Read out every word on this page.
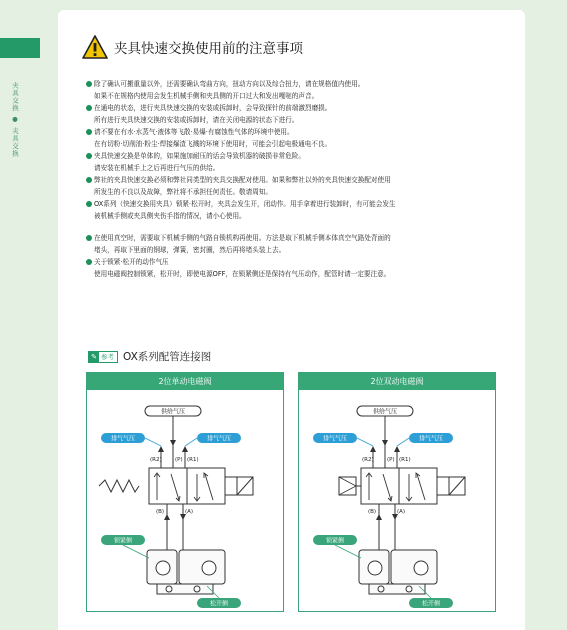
夹具交换 ● 夹具交换
夹具快速交换使用前的注意事项
除了确认可搬重量以外，还需要确认弯曲方向，扭动方向以及综合扭力，请在规格值内使用。
如果不在规格内使用会发生机械手侧和夹具侧的开口过大和发出嘎哒的声音。
在通电的状态，进行夹具快速交换的安装或拆卸时，会导致探针的前端激烈磨损。
所有进行夹具快速交换的安装或拆卸时，请在关闭电源的状态下进行。
请不要在有水·水蒸气·液体等飞散·易爆·有腐蚀性气体的环境中使用。
在有切粉·切削油·粉尘·焊接爆渣飞溅的环境下使用时，可能会引起电极通电不良。
夹具快速交换是单体的，如果施加耐压的话会导致机器的破损非常危险。
请安装在机械手上之后再进行气压的供给。
弊社的夹具快速交换必须和弊社同类型的夹具交换配对使用。如果和弊社以外的夹具快速交换配对使用
所发生的不良以及故障，弊社将不承担任何责任。敬请周知。
OX系列（快速交换用夹具）锁紧·松开时，夹具会发生开，闭动作。用手拿着进行装卸时，有可能会发生
被机械手侧或夹具侧夹伤手指的情况，请小心使用。
在使用真空时，需要取下机械手侧的气路自锁机构再使用。方法是取下机械手侧本体真空气路处背面的
堵头，再取下里面的钢球，弹簧，密封圈，然后再将堵头装上去。
关于锁紧·松开的动作气压
使用电磁阀控制锁紧，松开时，即使电源OFF，在锁紧侧还是保持有气压动作，配管时请一定要注意。
✎ 参考 OX系列配管连接图
2位单动电磁阀
供给气压
排气气压	排气气压
(R2) (P) (R1)
(B)	(A)
锁紧侧
松开侧
2位双动电磁阀
供给气压
排气气压	排气气压
(R2) (P) (R1)
(B)	(A)
锁紧侧
松开侧
